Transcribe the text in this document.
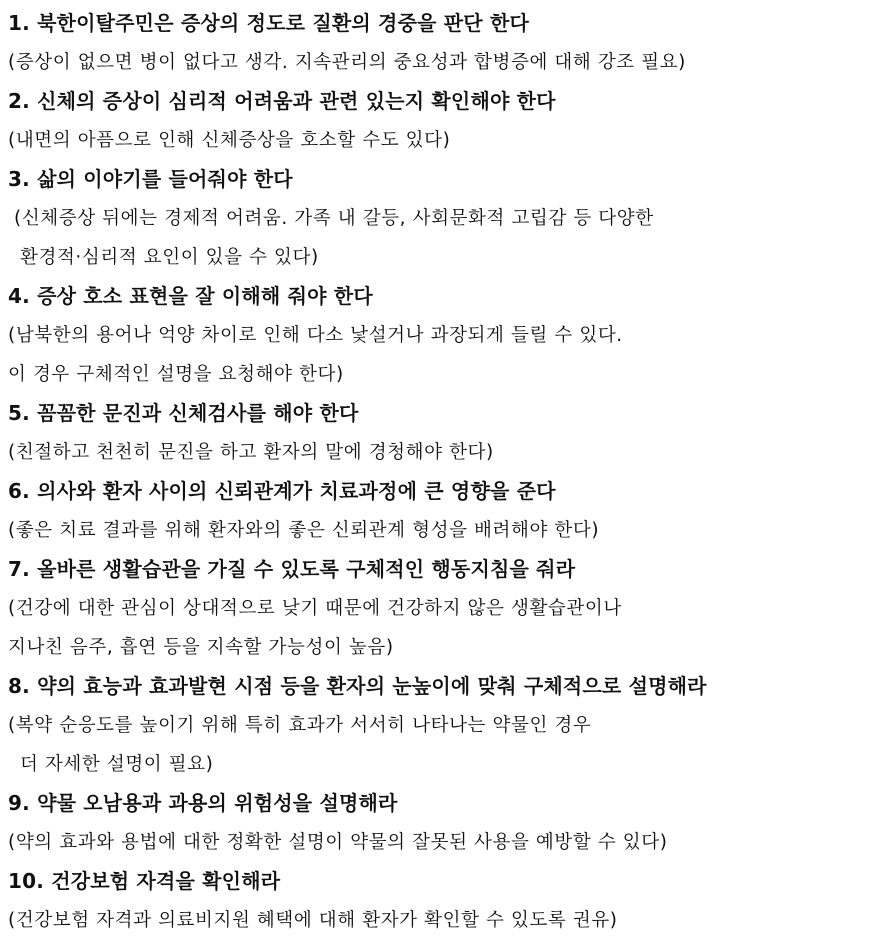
1. 북한이탈주민은 증상의 정도로 질환의 경중을 판단 한다
(증상이 없으면 병이 없다고 생각. 지속관리의 중요성과 합병증에 대해 강조 필요)
2. 신체의 증상이 심리적 어려움과 관련 있는지 확인해야 한다
(내면의 아픔으로 인해 신체증상을 호소할 수도 있다)
3. 삶의 이야기를 들어줘야 한다
(신체증상 뒤에는 경제적 어려움. 가족 내 갈등, 사회문화적 고립감 등 다양한
환경적·심리적 요인이 있을 수 있다)
4. 증상 호소 표현을 잘 이해해 줘야 한다
(남북한의 용어나 억양 차이로 인해 다소 낯설거나 과장되게 들릴 수 있다.
이 경우 구체적인 설명을 요청해야 한다)
5. 꼼꼼한 문진과 신체검사를 해야 한다
(친절하고 천천히 문진을 하고 환자의 말에 경청해야 한다)
6. 의사와 환자 사이의 신뢰관계가 치료과정에 큰 영향을 준다
(좋은 치료 결과를 위해 환자와의 좋은 신뢰관계 형성을 배려해야 한다)
7. 올바른 생활습관을 가질 수 있도록 구체적인 행동지침을 줘라
(건강에 대한 관심이 상대적으로 낮기 때문에 건강하지 않은 생활습관이나
지나친 음주, 흡연 등을 지속할 가능성이 높음)
8. 약의 효능과 효과발현 시점 등을 환자의 눈높이에 맞춰 구체적으로 설명해라
(복약 순응도를 높이기 위해 특히 효과가 서서히 나타나는 약물인 경우
더 자세한 설명이 필요)
9. 약물 오남용과 과용의 위험성을 설명해라
(약의 효과와 용법에 대한 정확한 설명이 약물의 잘못된 사용을 예방할 수 있다)
10. 건강보험 자격을 확인해라
(건강보험 자격과 의료비지원 혜택에 대해 환자가 확인할 수 있도록 권유)
